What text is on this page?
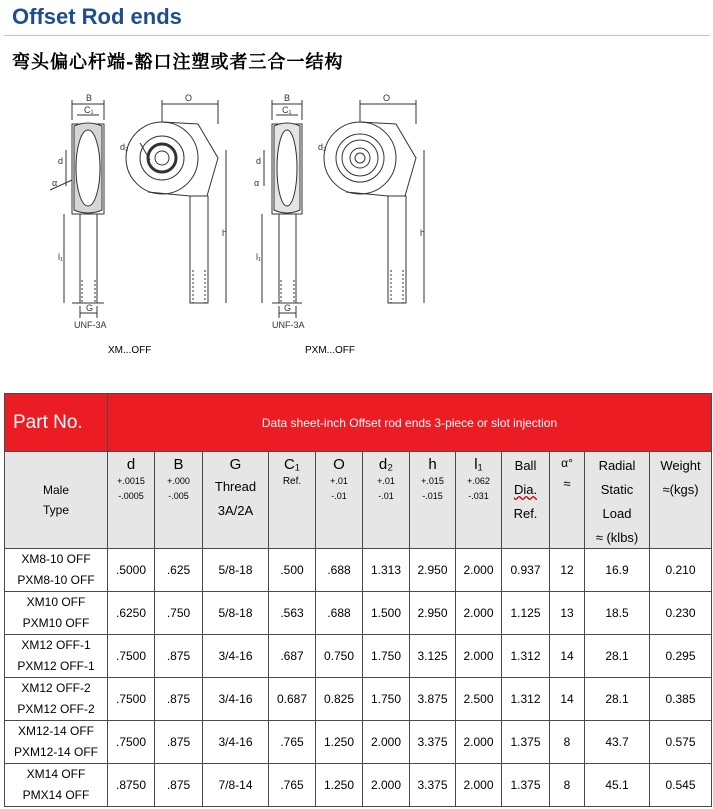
Offset Rod ends
弯头偏心杆端-豁口注塑或者三合一结构
B
C₁
O
d
α
d₂
l₁
h
G
UNF-3A
B
C₁
O
d
α
d₂
l₁
h
G
UNF-3A
XM...OFF	PXM...OFF
Part No.	Data sheet-inch Offset rod ends 3-piece or slot injection											
Male
Type	d
+.0015
-.0005	B
+.000
-.005	G
Thread
3A/2A	C₁
Ref.	O
+.01
-.01	d₂
+.01
-.01	h
+.015
-.015	l₁
+.062
-.031	Ball
Dia.
Ref.	α°
≈	Radial
Static
Load
≈ (klbs)	Weight
≈(kgs)

XM8-10 OFF
PXM8-10 OFF	.5000	.625	5/8-18	.500	.688	1.313	2.950	2.000	0.937	12	16.9	0.210
XM10 OFF
PXM10 OFF	.6250	.750	5/8-18	.563	.688	1.500	2.950	2.000	1.125	13	18.5	0.230
XM12 OFF-1
PXM12 OFF-1	.7500	.875	3/4-16	.687	0.750	1.750	3.125	2.000	1.312	14	28.1	0.295
XM12 OFF-2
PXM12 OFF-2	.7500	.875	3/4-16	0.687	0.825	1.750	3.875	2.500	1.312	14	28.1	0.385
XM12-14 OFF
PXM12-14 OFF	.7500	.875	3/4-16	.765	1.250	2.000	3.375	2.000	1.375	8	43.7	0.575
XM14 OFF
PMX14 OFF	.8750	.875	7/8-14	.765	1.250	2.000	3.375	2.000	1.375	8	45.1	0.545
